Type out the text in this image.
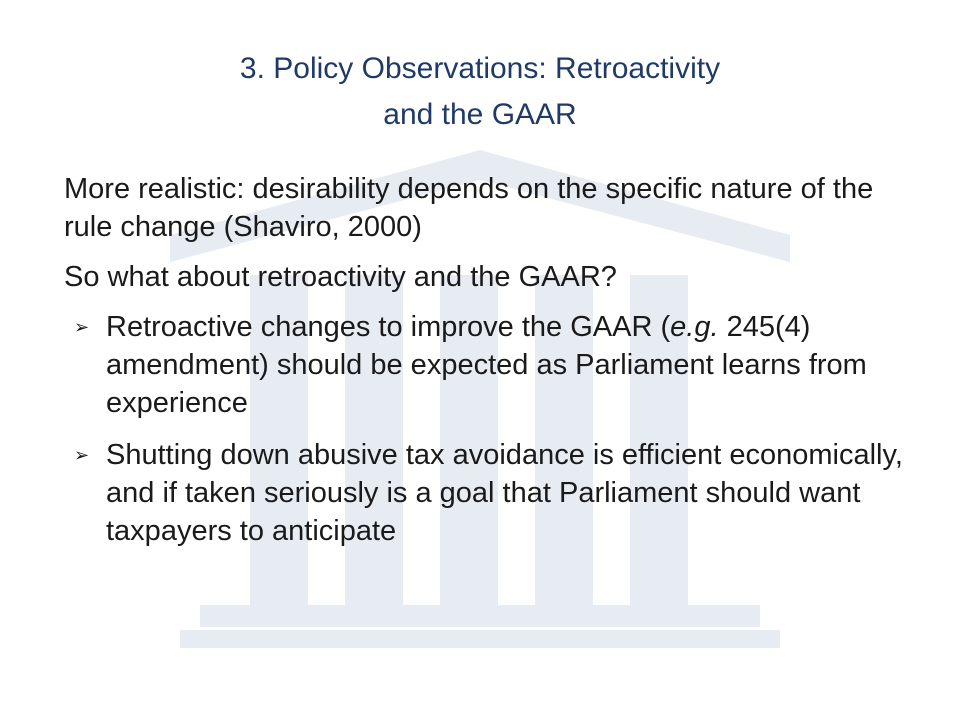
3. Policy Observations: Retroactivity
and the GAAR

More realistic: desirability depends on the specific nature of the rule change (Shaviro, 2000)

So what about retroactivity and the GAAR?

➢ Retroactive changes to improve the GAAR (e.g. 245(4) amendment) should be expected as Parliament learns from experience
➢ Shutting down abusive tax avoidance is efficient economically, and if taken seriously is a goal that Parliament should want taxpayers to anticipate
